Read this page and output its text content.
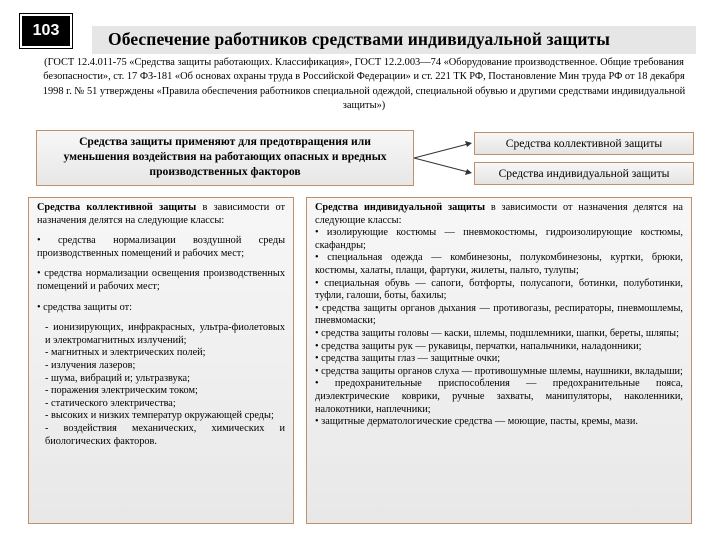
103	Обеспечение работников средствами индивидуальной защиты
(ГОСТ 12.4.011-75 «Средства защиты работающих. Классификация», ГОСТ 12.2.003—74 «Оборудование производственное. Общие требования безопасности», ст. 17 ФЗ-181 «Об основах охраны труда в Российской Федерации» и ст. 221 ТК РФ, Постановление Мин труда РФ от 18 декабря 1998 г. № 51 утверждены «Правила обеспечения работников специальной одеждой, специальной обувью и другими средствами индивидуальной защиты»)
Средства защиты применяют для предотвращения или уменьшения воздействия на работающих опасных и вредных производственных факторов
Средства коллективной защиты
Средства индивидуальной защиты

Средства коллективной защиты в зависимости от назначения делятся на следующие классы:

• средства нормализации воздушной среды производственных помещений и рабочих мест;

• средства нормализации освещения производственных помещений и рабочих мест;

• средства защиты от:

- ионизирующих, инфракрасных, ультра-фиолетовых и электромагнитных излучений;

- магнитных и электрических полей;

- излучения лазеров;

- шума, вибраций и; ультразвука;

- поражения электрическим током;

- статического электричества;

- высоких и низких температур окружающей среды;

- воздействия механических, химических и биологических факторов.

Средства индивидуальной защиты в зависимости от назначения делятся на следующие классы:

• изолирующие костюмы — пневмокостюмы, гидроизолирующие костюмы, скафандры;

• специальная одежда — комбинезоны, полукомбинезоны, куртки, брюки, костюмы, халаты, плащи, фартуки, жилеты, пальто, тулупы;

• специальная обувь — сапоги, ботфорты, полусапоги, ботинки, полуботинки, туфли, галоши, боты, бахилы;

• средства защиты органов дыхания — противогазы, респираторы, пневмошлемы, пневмомаски;

• средства защиты головы — каски, шлемы, подшлемники, шапки, береты, шляпы;

• средства защиты рук — рукавицы, перчатки, напальчники, наладонники;

• средства защиты глаз — защитные очки;

• средства защиты органов слуха — противошумные шлемы, наушники, вкладыши;

• предохранительные приспособления — предохранительные пояса, диэлектрические коврики, ручные захваты, манипуляторы, наколенники, налокотники, наплечники;

• защитные дерматологические средства — моющие, пасты, кремы, мази.
